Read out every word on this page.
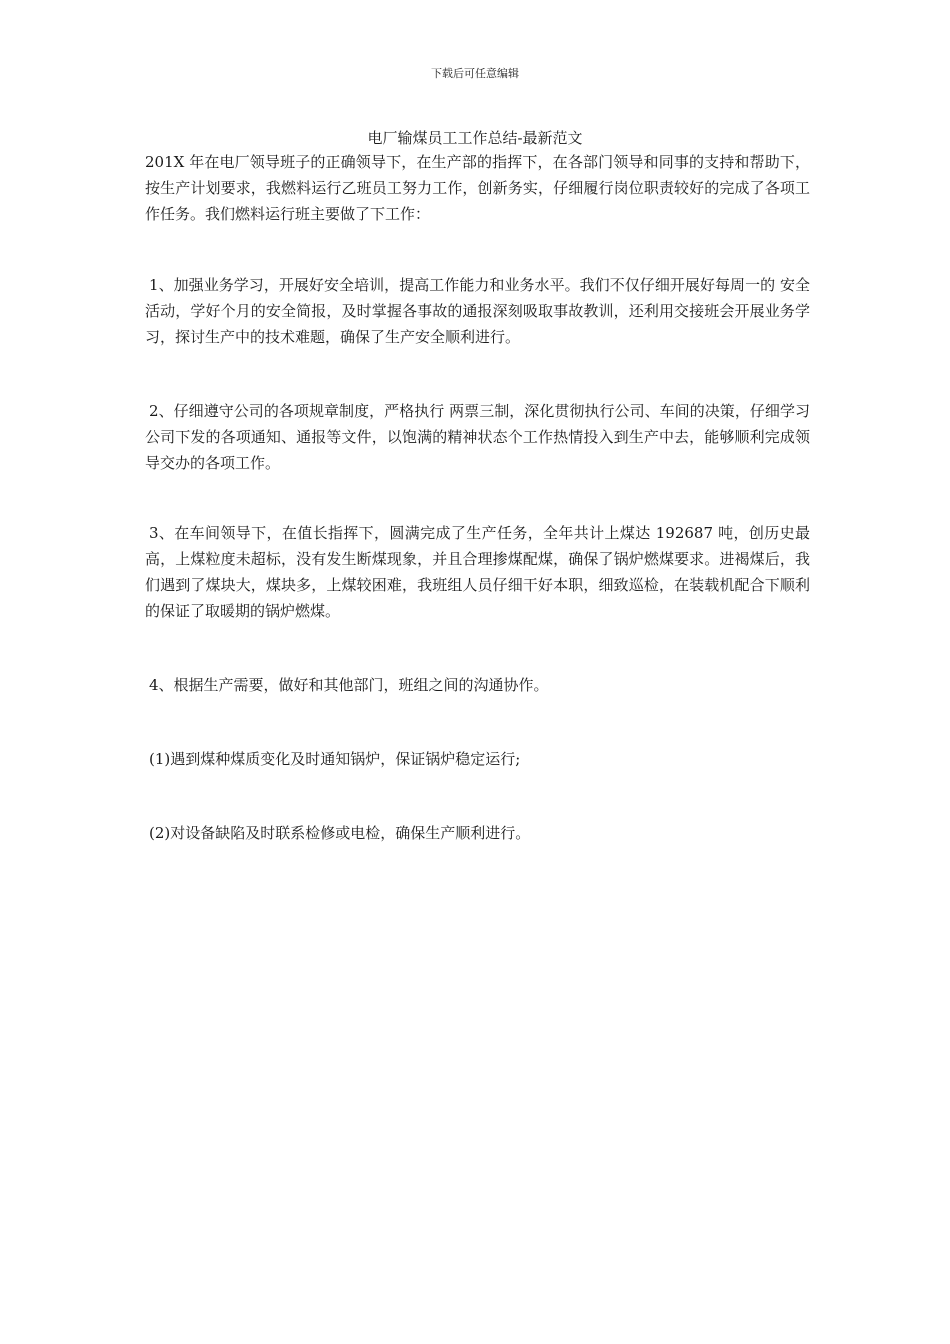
下载后可任意编辑
电厂输煤员工工作总结-最新范文

201X 年在电厂领导班子的正确领导下，在生产部的指挥下，在各部门领导和同事的支持和帮助下，按生产计划要求，我燃料运行乙班员工努力工作，创新务实，仔细履行岗位职责较好的完成了各项工作任务。我们燃料运行班主要做了下工作：

1、加强业务学习，开展好安全培训，提高工作能力和业务水平。我们不仅仔细开展好每周一的 安全活动，学好个月的安全简报，及时掌握各事故的通报深刻吸取事故教训，还利用交接班会开展业务学习，探讨生产中的技术难题，确保了生产安全顺利进行。

2、仔细遵守公司的各项规章制度，严格执行 两票三制，深化贯彻执行公司、车间的决策，仔细学习公司下发的各项通知、通报等文件，以饱满的精神状态个工作热情投入到生产中去，能够顺利完成领导交办的各项工作。

3、在车间领导下，在值长指挥下，圆满完成了生产任务，全年共计上煤达 192687 吨，创历史最高，上煤粒度未超标，没有发生断煤现象，并且合理掺煤配煤，确保了锅炉燃煤要求。进褐煤后，我们遇到了煤块大，煤块多，上煤较困难，我班组人员仔细干好本职，细致巡检，在装载机配合下顺利的保证了取暖期的锅炉燃煤。

4、根据生产需要，做好和其他部门，班组之间的沟通协作。

(1)遇到煤种煤质变化及时通知锅炉，保证锅炉稳定运行;

(2)对设备缺陷及时联系检修或电检，确保生产顺利进行。
